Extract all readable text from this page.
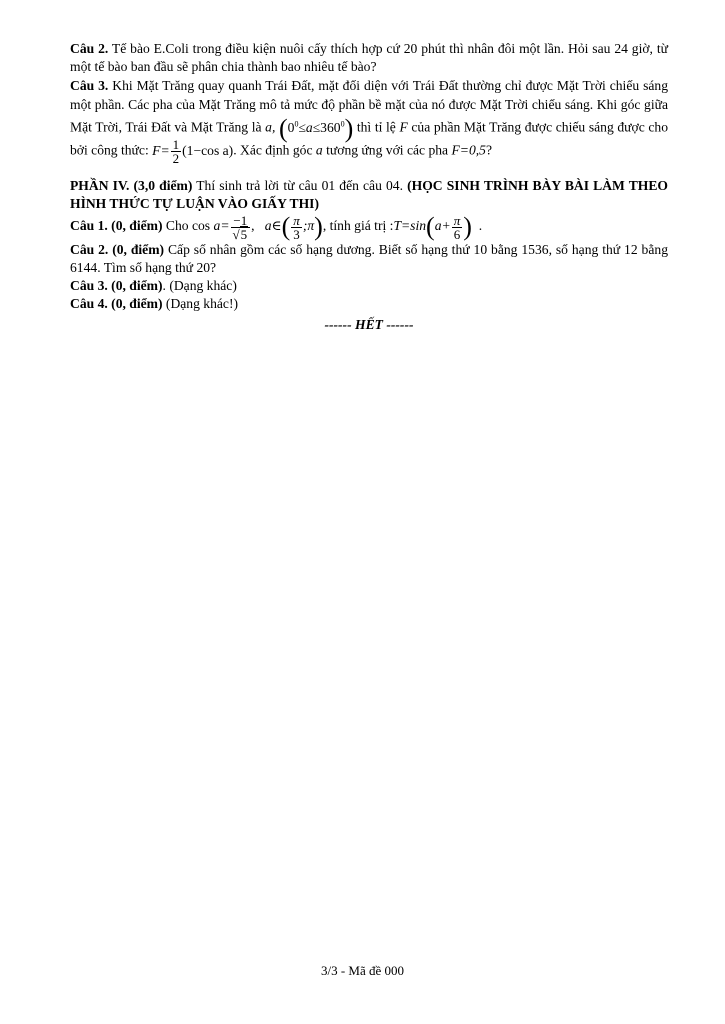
Câu 2. Tế bào E.Coli trong điều kiện nuôi cấy thích hợp cứ 20 phút thì nhân đôi một lần. Hỏi sau 24 giờ, từ một tế bào ban đầu sẽ phân chia thành bao nhiêu tế bào?

Câu 3. Khi Mặt Trăng quay quanh Trái Đất, mặt đối diện với Trái Đất thường chỉ được Mặt Trời chiếu sáng một phần. Các pha của Mặt Trăng mô tả mức độ phần bề mặt của nó được Mặt Trời chiếu sáng. Khi góc giữa Mặt Trời, Trái Đất và Mặt Trăng là a, $(0^0\le a\le 360^0)$ thì tỉ lệ F của phần Mặt Trăng được chiếu sáng được cho bởi công thức: $F= \frac{1}{2} (1-\cos$ a). Xác định góc a tương ứng với các pha F=0,5?

PHẦN IV. (3,0 điểm) Thí sinh trả lời từ câu 01 đến câu 04. (HỌC SINH TRÌNH BÀY BÀI LÀM THEO HÌNH THỨC TỰ LUẬN VÀO GIẤY THI)

Câu 1. (0, điểm) Cho $\cos a= \frac{-1}{√5}$ , a∈( $\frac{\pi}{3}$ ;π), tính giá trị :T=sin(a+ $\frac{\pi}{6}$ ) .

Câu 2. (0, điểm) Cấp số nhân gồm các số hạng dương. Biết số hạng thứ 10 bằng 1536, số hạng thứ 12 bằng 6144. Tìm số hạng thứ 20?

Câu 3. (0, điểm). (Dạng khác)

Câu 4. (0, điểm) (Dạng khác!)

------ HẾT ------
3/3 - Mã đề 000
